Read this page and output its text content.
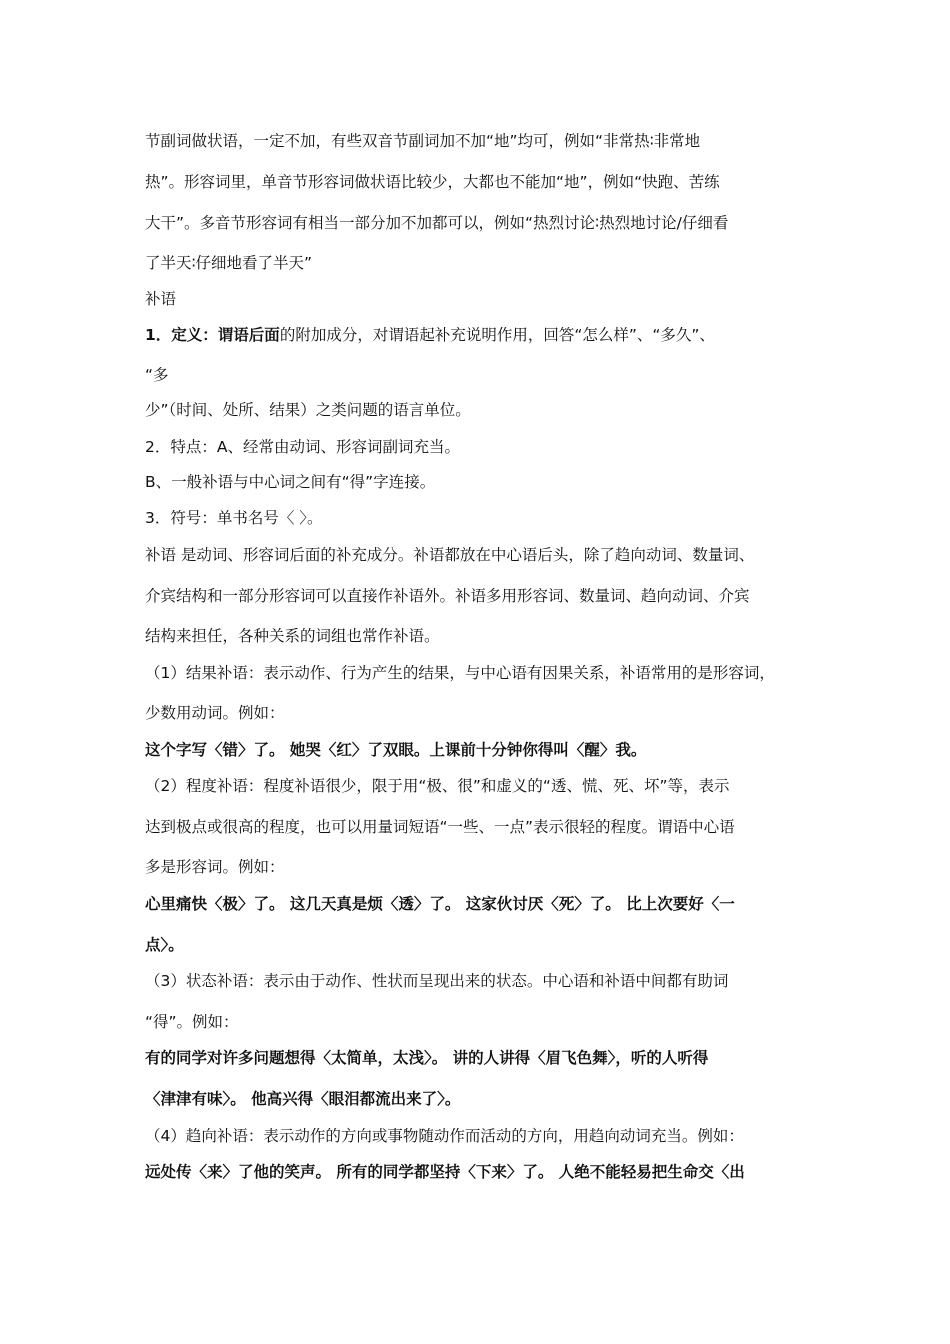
节副词做状语，一定不加，有些双音节副词加不加“地”均可，例如“非常热∶非常地
热”。形容词里，单音节形容词做状语比较少，大都也不能加“地”，例如“快跑、苦练
大干”。多音节形容词有相当一部分加不加都可以，例如“热烈讨论∶热烈地讨论/仔细看
了半天∶仔细地看了半天”
补语
1．定义：谓语后面的附加成分，对谓语起补充说明作用，回答“怎么样”、“多久”、
“多
少”（时间、处所、结果）之类问题的语言单位。
2．特点：A、经常由动词、形容词副词充当。
B、一般补语与中心词之间有“得”字连接。
3．符号：单书名号〈 〉。
补语 是动词、形容词后面的补充成分。补语都放在中心语后头，除了趋向动词、数量词、
介宾结构和一部分形容词可以直接作补语外。补语多用形容词、数量词、趋向动词、介宾
结构来担任，各种关系的词组也常作补语。
（1）结果补语：表示动作、行为产生的结果，与中心语有因果关系，补语常用的是形容词，
少数用动词。例如：
这个字写〈错〉了。 她哭〈红〉了双眼。上课前十分钟你得叫〈醒〉我。
（2）程度补语：程度补语很少，限于用“极、很”和虚义的“透、慌、死、坏”等，表示
达到极点或很高的程度，也可以用量词短语“一些、一点”表示很轻的程度。谓语中心语
多是形容词。例如：
心里痛快〈极〉了。 这几天真是烦〈透〉了。 这家伙讨厌〈死〉了。 比上次要好〈一
点〉。
（3）状态补语：表示由于动作、性状而呈现出来的状态。中心语和补语中间都有助词
“得”。例如：
有的同学对许多问题想得〈太简单，太浅〉。 讲的人讲得〈眉飞色舞〉，听的人听得
〈津津有味〉。 他高兴得〈眼泪都流出来了〉。
（4）趋向补语：表示动作的方向或事物随动作而活动的方向，用趋向动词充当。例如：
远处传〈来〉了他的笑声。 所有的同学都坚持〈下来〉了。 人绝不能轻易把生命交〈出
